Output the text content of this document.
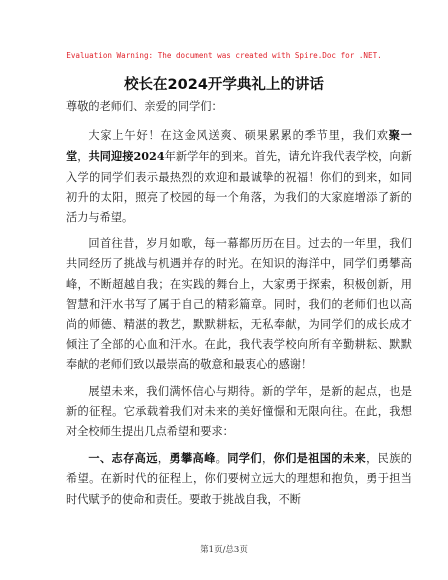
Evaluation Warning: The document was created with Spire.Doc for .NET.
校长在2024开学典礼上的讲话

尊敬的老师们、亲爱的同学们：

大家上午好！在这金风送爽、硕果累累的季节里，我们欢聚一堂，共同迎接2024年新学年的到来。首先，请允许我代表学校，向新入学的同学们表示最热烈的欢迎和最诚挚的祝福！你们的到来，如同初升的太阳，照亮了校园的每一个角落，为我们的大家庭增添了新的活力与希望。

回首往昔，岁月如歌，每一幕都历历在目。过去的一年里，我们共同经历了挑战与机遇并存的时光。在知识的海洋中，同学们勇攀高峰，不断超越自我；在实践的舞台上，大家勇于探索，积极创新，用智慧和汗水书写了属于自己的精彩篇章。同时，我们的老师们也以高尚的师德、精湛的教艺，默默耕耘，无私奉献，为同学们的成长成才倾注了全部的心血和汗水。在此，我代表学校向所有辛勤耕耘、默默奉献的老师们致以最崇高的敬意和最衷心的感谢！

展望未来，我们满怀信心与期待。新的学年，是新的起点，也是新的征程。它承载着我们对未来的美好憧憬和无限向往。在此，我想对全校师生提出几点希望和要求：

一、志存高远，勇攀高峰。同学们，你们是祖国的未来，民族的希望。在新时代的征程上，你们要树立远大的理想和抱负，勇于担当时代赋予的使命和责任。要敢于挑战自我，不断

第1页/总3页
